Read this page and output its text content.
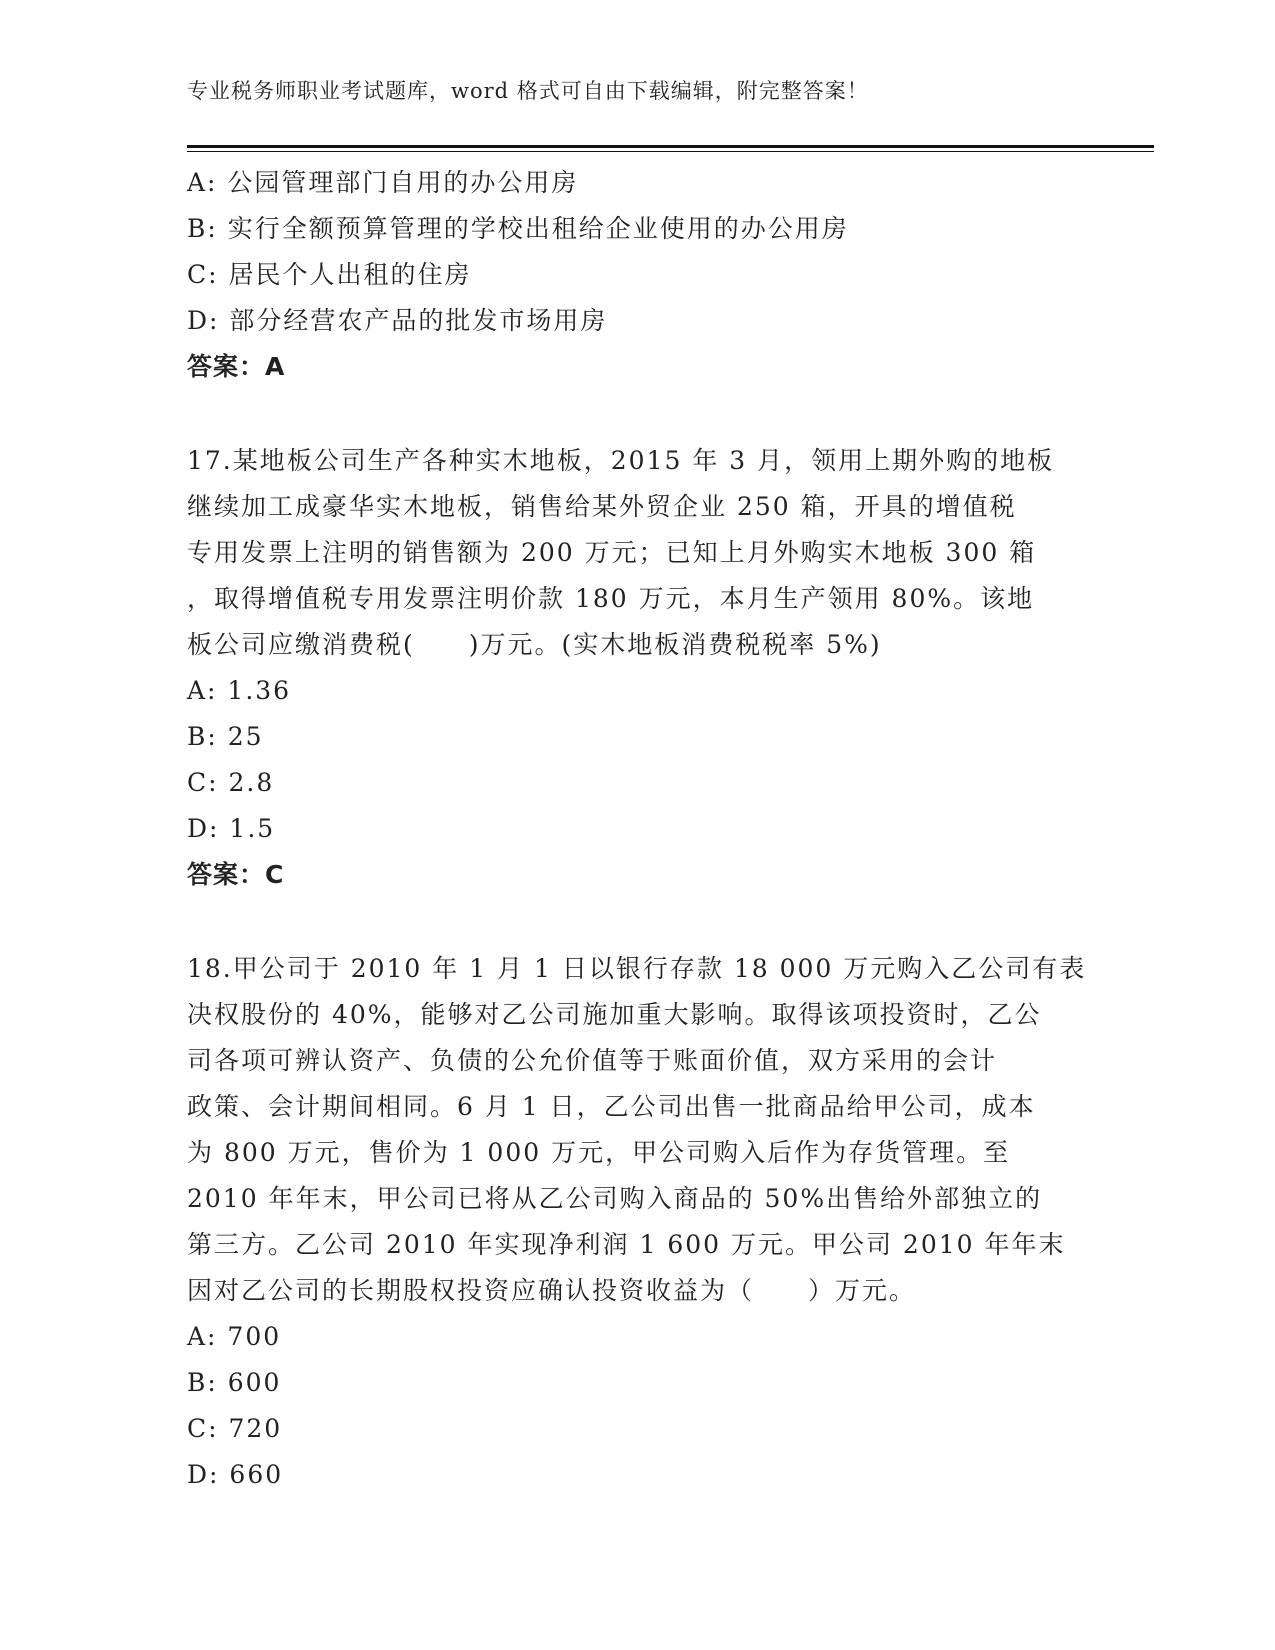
专业税务师职业考试题库，word 格式可自由下载编辑，附完整答案！
A: 公园管理部门自用的办公用房
B: 实行全额预算管理的学校出租给企业使用的办公用房
C: 居民个人出租的住房
D: 部分经营农产品的批发市场用房
答案：A
17.某地板公司生产各种实木地板，2015 年 3 月，领用上期外购的地板
继续加工成豪华实木地板，销售给某外贸企业 250 箱，开具的增值税
专用发票上注明的销售额为 200 万元；已知上月外购实木地板 300 箱
，取得增值税专用发票注明价款 180 万元，本月生产领用 80%。该地
板公司应缴消费税(　　)万元。(实木地板消费税税率 5%)
A: 1.36
B: 25
C: 2.8
D: 1.5
答案：C
18.甲公司于 2010 年 1 月 1 日以银行存款 18 000 万元购入乙公司有表
决权股份的 40%，能够对乙公司施加重大影响。取得该项投资时，乙公
司各项可辨认资产、负债的公允价值等于账面价值，双方采用的会计
政策、会计期间相同。6 月 1 日，乙公司出售一批商品给甲公司，成本
为 800 万元，售价为 1 000 万元，甲公司购入后作为存货管理。至
2010 年年末，甲公司已将从乙公司购入商品的 50%出售给外部独立的
第三方。乙公司 2010 年实现净利润 1 600 万元。甲公司 2010 年年末
因对乙公司的长期股权投资应确认投资收益为（　　）万元。
A: 700
B: 600
C: 720
D: 660
